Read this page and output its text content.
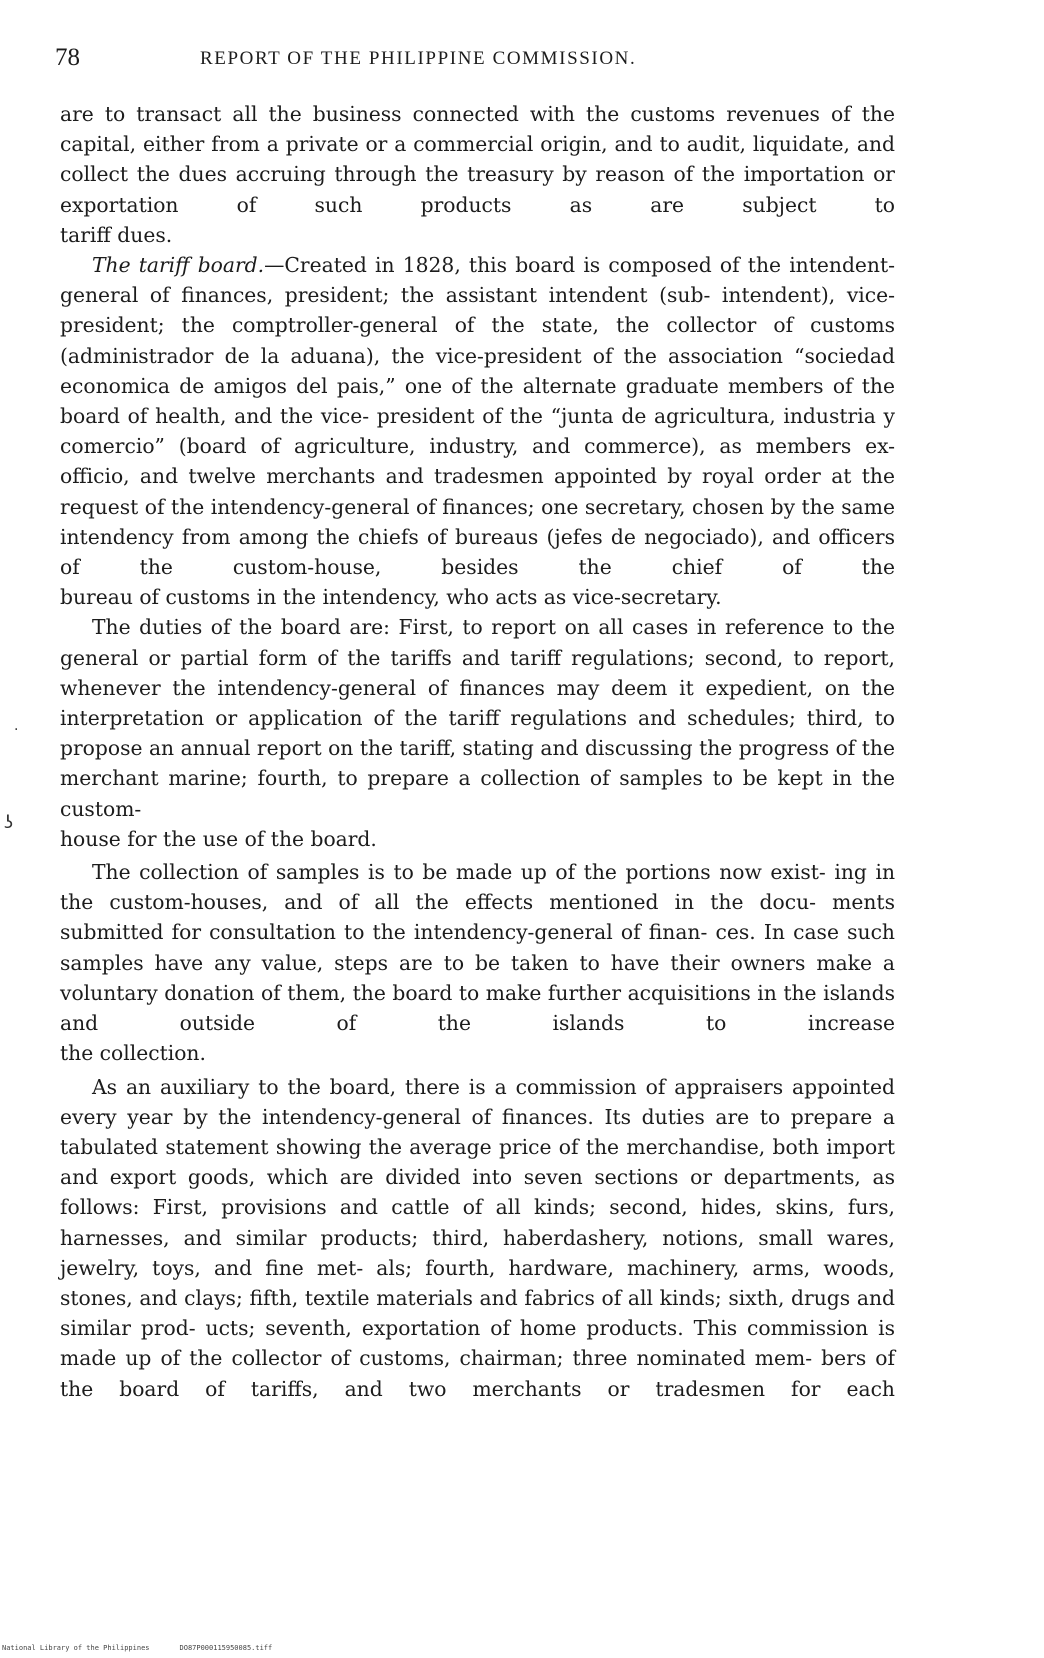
78	REPORT OF THE PHILIPPINE COMMISSION.
·
ʖ

are to transact all the business connected with the customs revenues of the capital, either from a private or a commercial origin, and to audit, liquidate, and collect the dues accruing through the treasury by reason of the importation or exportation of such products as are subject to

tariff dues.

The tariff board.—Created in 1828, this board is composed of the intendent-general of finances, president; the assistant intendent (sub- intendent), vice-president; the comptroller-general of the state, the collector of customs (administrador de la aduana), the vice-president of the association “sociedad economica de amigos del pais,” one of the alternate graduate members of the board of health, and the vice- president of the “junta de agricultura, industria y comercio” (board of agriculture, industry, and commerce), as members ex-officio, and twelve merchants and tradesmen appointed by royal order at the request of the intendency-general of finances; one secretary, chosen by the same intendency from among the chiefs of bureaus (jefes de negociado), and officers of the custom-house, besides the chief of the

bureau of customs in the intendency, who acts as vice-secretary.

The duties of the board are: First, to report on all cases in reference to the general or partial form of the tariffs and tariff regulations; second, to report, whenever the intendency-general of finances may deem it expedient, on the interpretation or application of the tariff regulations and schedules; third, to propose an annual report on the tariff, stating and discussing the progress of the merchant marine; fourth, to prepare a collection of samples to be kept in the custom-

house for the use of the board.

The collection of samples is to be made up of the portions now exist- ing in the custom-houses, and of all the effects mentioned in the docu- ments submitted for consultation to the intendency-general of finan- ces. In case such samples have any value, steps are to be taken to have their owners make a voluntary donation of them, the board to make further acquisitions in the islands and outside of the islands to increase

the collection.

As an auxiliary to the board, there is a commission of appraisers appointed every year by the intendency-general of finances. Its duties are to prepare a tabulated statement showing the average price of the merchandise, both import and export goods, which are divided into seven sections or departments, as follows: First, provisions and cattle of all kinds; second, hides, skins, furs, harnesses, and similar products; third, haberdashery, notions, small wares, jewelry, toys, and fine met- als; fourth, hardware, machinery, arms, woods, stones, and clays; fifth, textile materials and fabrics of all kinds; sixth, drugs and similar prod- ucts; seventh, exportation of home products. This commission is made up of the collector of customs, chairman; three nominated mem- bers of the board of tariffs, and two merchants or tradesmen for each

National Library of the Philippines	DO87P000115950085.tiff
